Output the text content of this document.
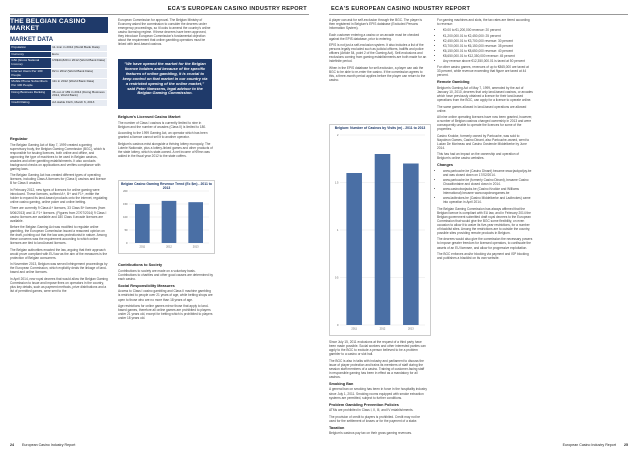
ECA'S EUROPEAN CASINO INDUSTRY REPORT
THE BELGIAN CASINO MARKET
MARKET DATA
Population	11.1mn in 2012 (World Bank Data)
Currency	Euro
GNI (Gross National Income)	US$44,820 in 2012 (World Bank Data)
Internet Users Per 100 People	82 in 2012 (World Bank Data)
Mobile Phone Subscribers Per 100 People	111 in 2012 (World Bank Data)
Doing Business Ranking	36 out of 189 in 2014 (Doing Business 2014, World Bank)
Credit Rating	AA stable Fitch, March 6, 2013
Regulator

The Belgian Gaming Act of May 7, 1999 created a gaming supervisory body, the Belgian Gaming Commission (BGC), which is responsible for issuing licences, both online and offline, and approving the type of machines to be used in Belgian casinos, arcades and other gambling establishments. It also conducts background checks on applications and verifies compliance with gaming laws.

The Belgian Gaming Act has created different types of operating licences, including Class A licences for (Class I) casinos and licence B for Class II arcades.

In February 2012, new types of licences for online gaming were introduced. These licences, suffixed A+, B+ and F1+, entitle the holder to expand its land-based products onto the internet, regulating online casino gaming, online poker and online betting.

There are currently 9 Class A+ licences, 33 Class B+ licences (from 5/06/2013) and 11 F1+ licences. (Figures from 27/07/2014) 9 Class I casino licences are available and 180 Class II arcade licences are available.

Before the Belgian Gaming Act was modified to regulate online gambling, the European Commission issued a reasoned opinion on the draft, pointing out that the law was protectionist in nature. Among these concerns was the requirement according to which online licences are tied to land-based licences.

The Belgian authorities enacted the law, arguing that their approach would prove compliant with EU law as the aim of the measures is the protection of Belgian consumers.

In November 2013, Belgium was served infringement proceedings by the European Commission, which explicitly deals the linkage of land-based and online licences.

In April 2014, new royal decrees that would allow the Belgian Gaming Commission to issue and impose fines on operators in the country, plus key details, such as payment methods, prize distributions and a list of permitted games, were sent to the

European Commission for approval. The Belgian Ministry of Economy asked the commission to consider the decrees under emergency proceedings, so it looks to amend the country's online casino licensing regime. If these decrees have been approved, they introduce European Commission's fundamental objection about the requirement that online gambling operators must be linked with land-based casinos.

"We have opened the market for the Belgian licence holders and because of the specific features of online gambling, it is crucial to keep control on that market in our country via a restricted opening of the online market," said Peter Naessens, legal advisor to the Belgian Gaming Commission.
Belgium's Licensed Casino Market

The number of Class I casinos is currently limited to nine in Belgium and the number of arcades (Class II) is limited to 180.

According to the 1999 Gaming Act, an operator which has been granted a licence cannot sell it to another operator.

Belgium's casinos exist alongside a thriving lottery monopoly, The Loterie Nationale, plus a lottery-linked games and other products of the state lottery, which is state-owned. A net income of €9mn was added in the fiscal year 2012 to the state coffers.

Belgian Casino Gaming Revenue Trend (Ec $m) - 2011 to 2013
200
150
100
50
0
2011	2012	2013
Contributions to Society

Contributions to society are made on a voluntary basis. Contributions to charities and other good causes are determined by each casino.

Social Responsibility Measures

Access to Class I casino gambling and Class II machine gambling is restricted to people over 21 years of age, while betting shops are open to those who are no more than 18 years of age.

Age restrictions for online games mirror those that apply to land-based games, therefore all online games are prohibited to players under 21 years old, except for betting which is prohibited to players under 18 years old.

24 European Casino Industry Report
ECA'S EUROPEAN CASINO INDUSTRY REPORT

A player can ask for self-exclusion through the BGC. The player is then registered in Belgium's EPIS database (Excluded Persons Information System).

Each customer entering a casino or an arcade must be checked against the EPIS database, prior to entering.

EPIS is not just a self-exclusion system. It also includes a list of the persons legally excluded such as judicial officers, bailiffs and police officers (Article 54, point 2 of the Gaming Act). Self-exclusions and exclusions coming from gaming establishments are both made for an indefinite period.

When in the EPIS database for self-exclusion, a player can ask the BGC to be able to re-enter the casino. If the commission agrees to this, a three-month period applies before the player can return to the casino.

Belgium: Number of Casinos by Visits (m) - 2011 to 2013
2
1.5
1
0.5
0
2011	2012	2013

Since July 15, 2011 exclusions at the request of a third party have been made possible. Social workers and other interested parties can apply to the BGC to exclude a person believed to be a problem gambler to a casino or slot hall.

The BGC is also in talks with industry and parliament to discuss the issue of player protection and trains its members of staff during the session staff members of a casino. Training of customer-facing staff in responsible gaming has been in effect as a mandatory for all casinos.

Smoking Ban

A general ban on smoking has been in force in the hospitality industry since July 1, 2011. Smoking rooms equipped with smoke extraction systems are permitted, subject to further conditions.

Problem Gambling Prevention Policies

ATMs are prohibited in Class I, II, III, and IV establishments.

The provision of credit to players is prohibited. Credit may not be used for the settlement of losses or for the payment of a stake.

Taxation

Belgium's casinos pay tax on their gross gaming revenues.

For gaming machines and slots, the tax rates are tiered according to revenue:

• €0.00 to €1,200,000 revenue: 20 percent
• €1,200,000.01 to €2,450,000: 25 percent
• €2,450,000.01 to €3,700,000 revenue: 30 percent
• €3,700,000.01 to €6,150,000 revenue: 35 percent
• €6,150,000.01 to €8,650,000 revenue: 40 percent
• €8,650,000.01 to €12,350,000 revenue: 45 percent
• Any revenue above €12,350,000.01 is taxed at 50 percent

For other casino games, revenues of up to €865,000 are taxed at 33 percent, while revenue exceeding that figure are taxed at 44 percent.

Remote Gambling

Belgium's Gaming Act of May 7, 1999, amended by the act of January 10, 2010, decrees that only land-based casinos, or arcades which have previously obtained a licence for their land-based operations from the BGC, can apply for a licence to operate online.

The same games allowed in land-based operations are allowed online.

All nine online operating licences have now been granted, however, a number of Belgian casinos changed ownership in 2013 and were consequently unable to operate the licences for some of the properties.

Casino Knokke, formerly owned by Partouche, was sold to Napoleon Games, Casino Dinant, also Partouche-owned, went to Ludan De Morineau and Casino Oostende Middelkerke by June 2014.

This has had an impact on the ownership and operation of Belgium's online casino websites.

Changes
• www.partouche.be (Casino Dinant) became www.jackpotjoy.be and was closed down on 17/02/2014.
• www.partouche.be (formerly Casino Dinant), became Casino Chaudfontaine and closed down in 2014.
• www.casinoboxjacks.be (Casino Knokke and Williams International) became www.napoleongames.be
• www.ladbrokes.be (Casino Middelkerke and Ladbrokes) came into operation in April 2014.

The Belgian Gaming Commission has always affirmed that the Belgian licence is compliant with EU law, and in February 2014 the Belgian government submitted draft royal decrees to the European Commission that would give the BGC some flexibility, on even occasion to allow it to waive its five-year restrictions, for a number of blacklist sites. Among the restrictions are to outside the country, possible sites providing remote products in Belgium.

The decrees would also give the commission the necessary powers to impose greater freedom for licensed operators, to confiscate the assets of an EU licensee, and allow for progressive exploitation.

The BGC enforces and/or blocking via payment and ISP blocking and publishes a blacklist on its own website.

European Casino Industry Report 25
